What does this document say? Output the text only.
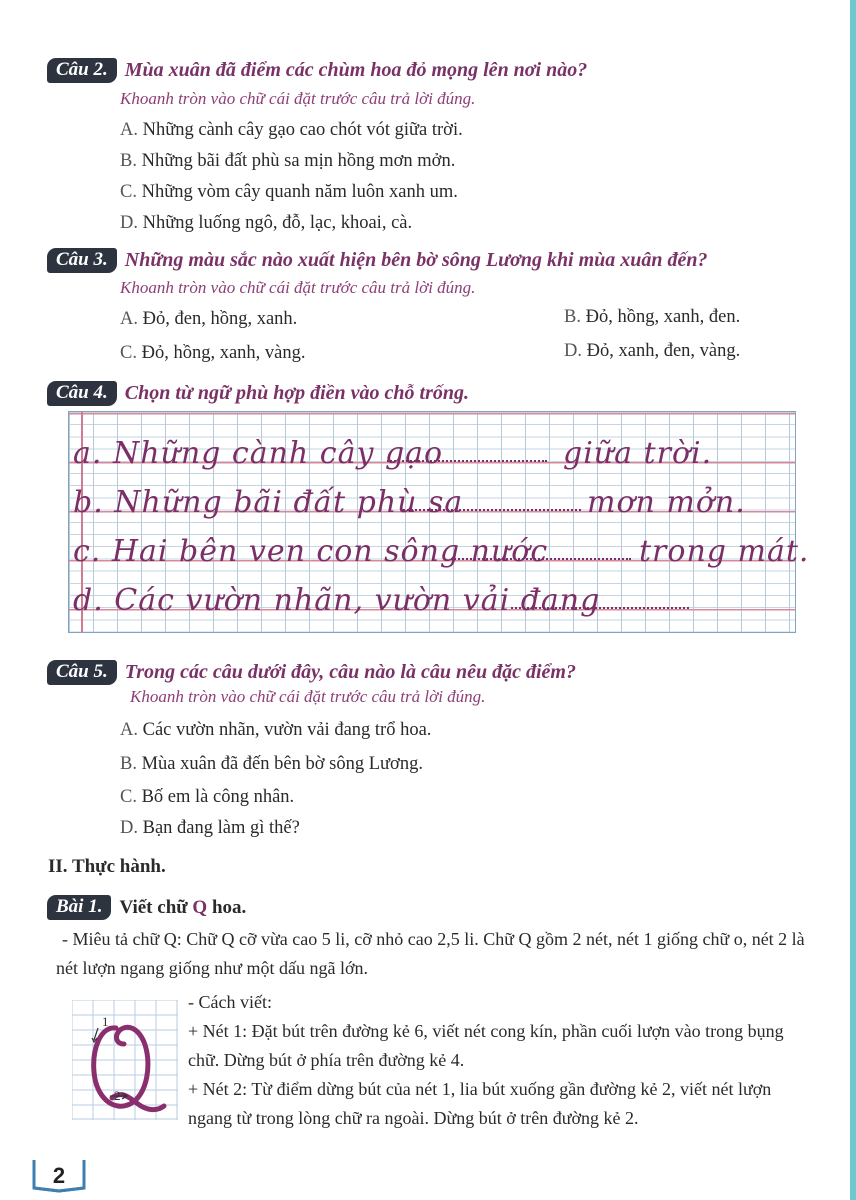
Câu 2. Mùa xuân đã điểm các chùm hoa đỏ mọng lên nơi nào?
Khoanh tròn vào chữ cái đặt trước câu trả lời đúng.
A. Những cành cây gạo cao chót vót giữa trời.
B. Những bãi đất phù sa mịn hồng mơn mởn.
C. Những vòm cây quanh năm luôn xanh um.
D. Những luống ngô, đỗ, lạc, khoai, cà.
Câu 3. Những màu sắc nào xuất hiện bên bờ sông Lương khi mùa xuân đến?
Khoanh tròn vào chữ cái đặt trước câu trả lời đúng.
A. Đỏ, đen, hồng, xanh.	B. Đỏ, hồng, xanh, đen.
C. Đỏ, hồng, xanh, vàng.	D. Đỏ, xanh, đen, vàng.
Câu 4. Chọn từ ngữ phù hợp điền vào chỗ trống.
a. Những cành cây gạo	giữa trời.
b. Những bãi đất phù sa	mơn mởn.
c. Hai bên ven con sông nước	trong mát.
d. Các vườn nhãn, vườn vải đang
Câu 5. Trong các câu dưới đây, câu nào là câu nêu đặc điểm?
Khoanh tròn vào chữ cái đặt trước câu trả lời đúng.
A. Các vườn nhãn, vườn vải đang trổ hoa.
B. Mùa xuân đã đến bên bờ sông Lương.
C. Bố em là công nhân.
D. Bạn đang làm gì thế?
II. Thực hành.
Bài 1. Viết chữ Q hoa.
- Miêu tả chữ Q: Chữ Q cỡ vừa cao 5 li, cỡ nhỏ cao 2,5 li. Chữ Q gồm 2 nét, nét 1 giống chữ o, nét 2 là nét lượn ngang giống như một dấu ngã lớn.
1
2
- Cách viết:
+ Nét 1: Đặt bút trên đường kẻ 6, viết nét cong kín, phần cuối lượn vào trong bụng chữ. Dừng bút ở phía trên đường kẻ 4.
+ Nét 2: Từ điểm dừng bút của nét 1, lia bút xuống gần đường kẻ 2, viết nét lượn ngang từ trong lòng chữ ra ngoài. Dừng bút ở trên đường kẻ 2.
2
